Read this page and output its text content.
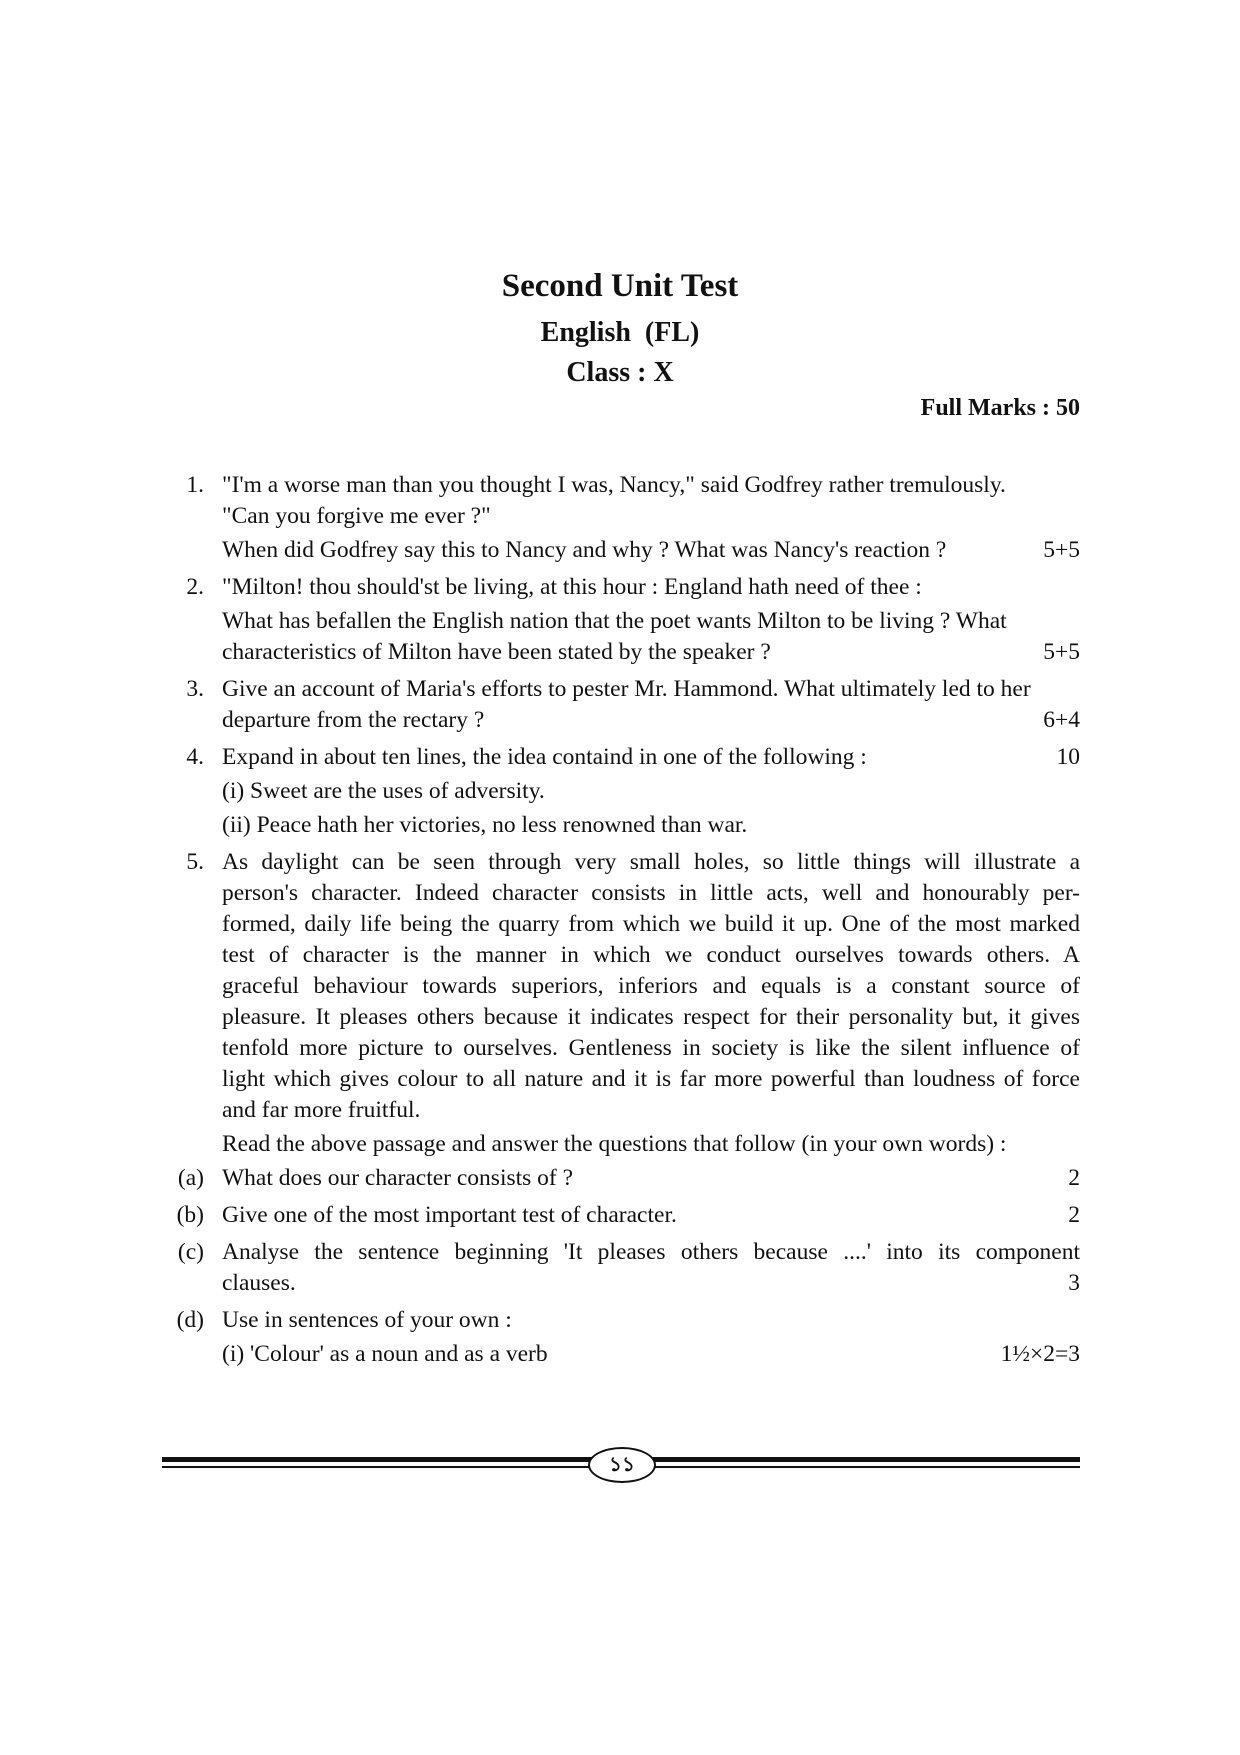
Second Unit Test
English  (FL)
Class : X
Full Marks : 50
1. "I'm a worse man than you thought I was, Nancy," said Godfrey rather tremulously.
"Can you forgive me ever ?"
When did Godfrey say this to Nancy and why ? What was Nancy's reaction ?	5+5
2. "Milton! thou should'st be living, at this hour : England hath need of thee :
What has befallen the English nation that the poet wants Milton to be living ? What
characteristics of Milton have been stated by the speaker ?	5+5
3. Give an account of Maria's efforts to pester Mr. Hammond. What ultimately led to her
departure from the rectary ?	6+4
4. Expand in about ten lines, the idea containd in one of the following :	10
(i) Sweet are the uses of adversity.
(ii) Peace hath her victories, no less renowned than war.
5. As daylight can be seen through very small holes, so little things will illustrate a
person's character. Indeed character consists in little acts, well and honourably per-
formed, daily life being the quarry from which we build it up. One of the most marked
test of character is the manner in which we conduct ourselves towards others. A
graceful behaviour towards superiors, inferiors and equals is a constant source of
pleasure. It pleases others because it indicates respect for their personality but, it gives
tenfold more picture to ourselves. Gentleness in society is like the silent influence of
light which gives colour to all nature and it is far more powerful than loudness of force
and far more fruitful.
Read the above passage and answer the questions that follow (in your own words) :
(a) What does our character consists of ?	2
(b) Give one of the most important test of character.	2
(c) Analyse the sentence beginning 'It pleases others because ....' into its component
clauses.	3
(d) Use in sentences of your own :
(i) 'Colour' as a noun and as a verb	1½×2=3
১১
